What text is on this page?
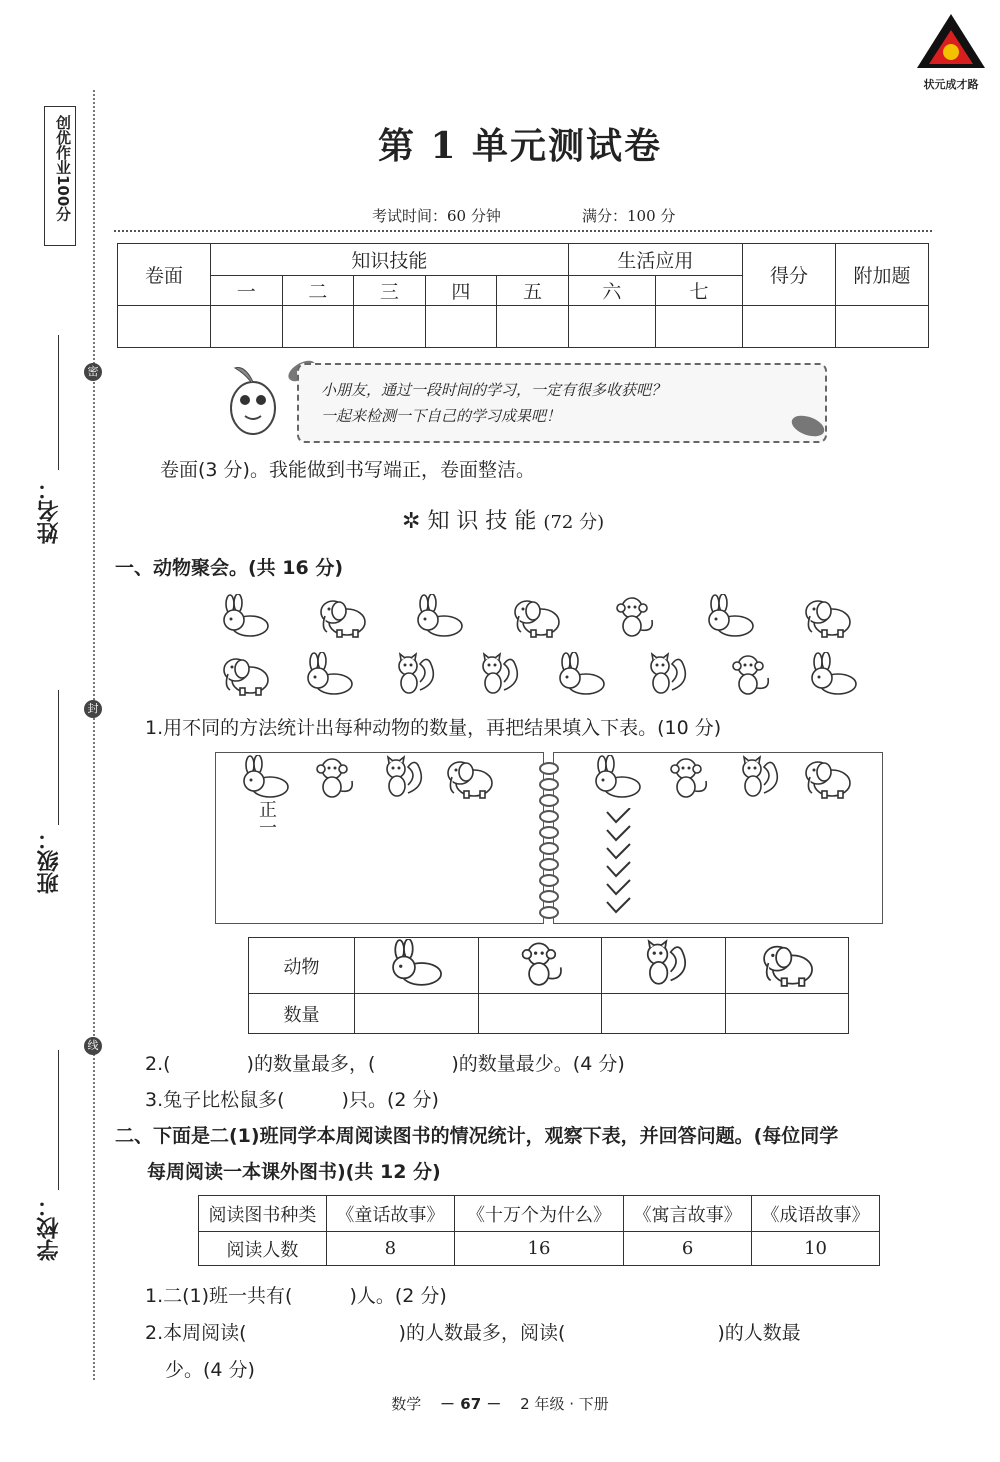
状元成才路
创优作业100分
密
封
线
姓名：
班级：
学校：
第 1 单元测试卷
考试时间：60 分钟	满分：100 分
卷面	知识技能					生活应用		得分	附加题
	一	二	三	四	五	六	七		

小朋友，通过一段时间的学习，一定有很多收获吧？
一起来检测一下自己的学习成果吧！
卷面(3 分)。我能做到书写端正，卷面整洁。
✲ 知 识 技 能 (72 分)
一、动物聚会。(共 16 分)
1.用不同的方法统计出每种动物的数量，再把结果填入下表。(10 分)
正
一
动物				
数量				
2.(　　　　)的数量最多，(　　　　)的数量最少。(4 分)
3.兔子比松鼠多(　　　)只。(2 分)
二、下面是二(1)班同学本周阅读图书的情况统计，观察下表，并回答问题。(每位同学
每周阅读一本课外图书)(共 12 分)
阅读图书种类	《童话故事》	《十万个为什么》	《寓言故事》	《成语故事》
阅读人数	8	16	6	10
1.二(1)班一共有(　　　)人。(2 分)
2.本周阅读(　　　　　　　　)的人数最多，阅读(　　　　　　　　)的人数最
少。(4 分)
数学 － 67 － 2 年级 · 下册
